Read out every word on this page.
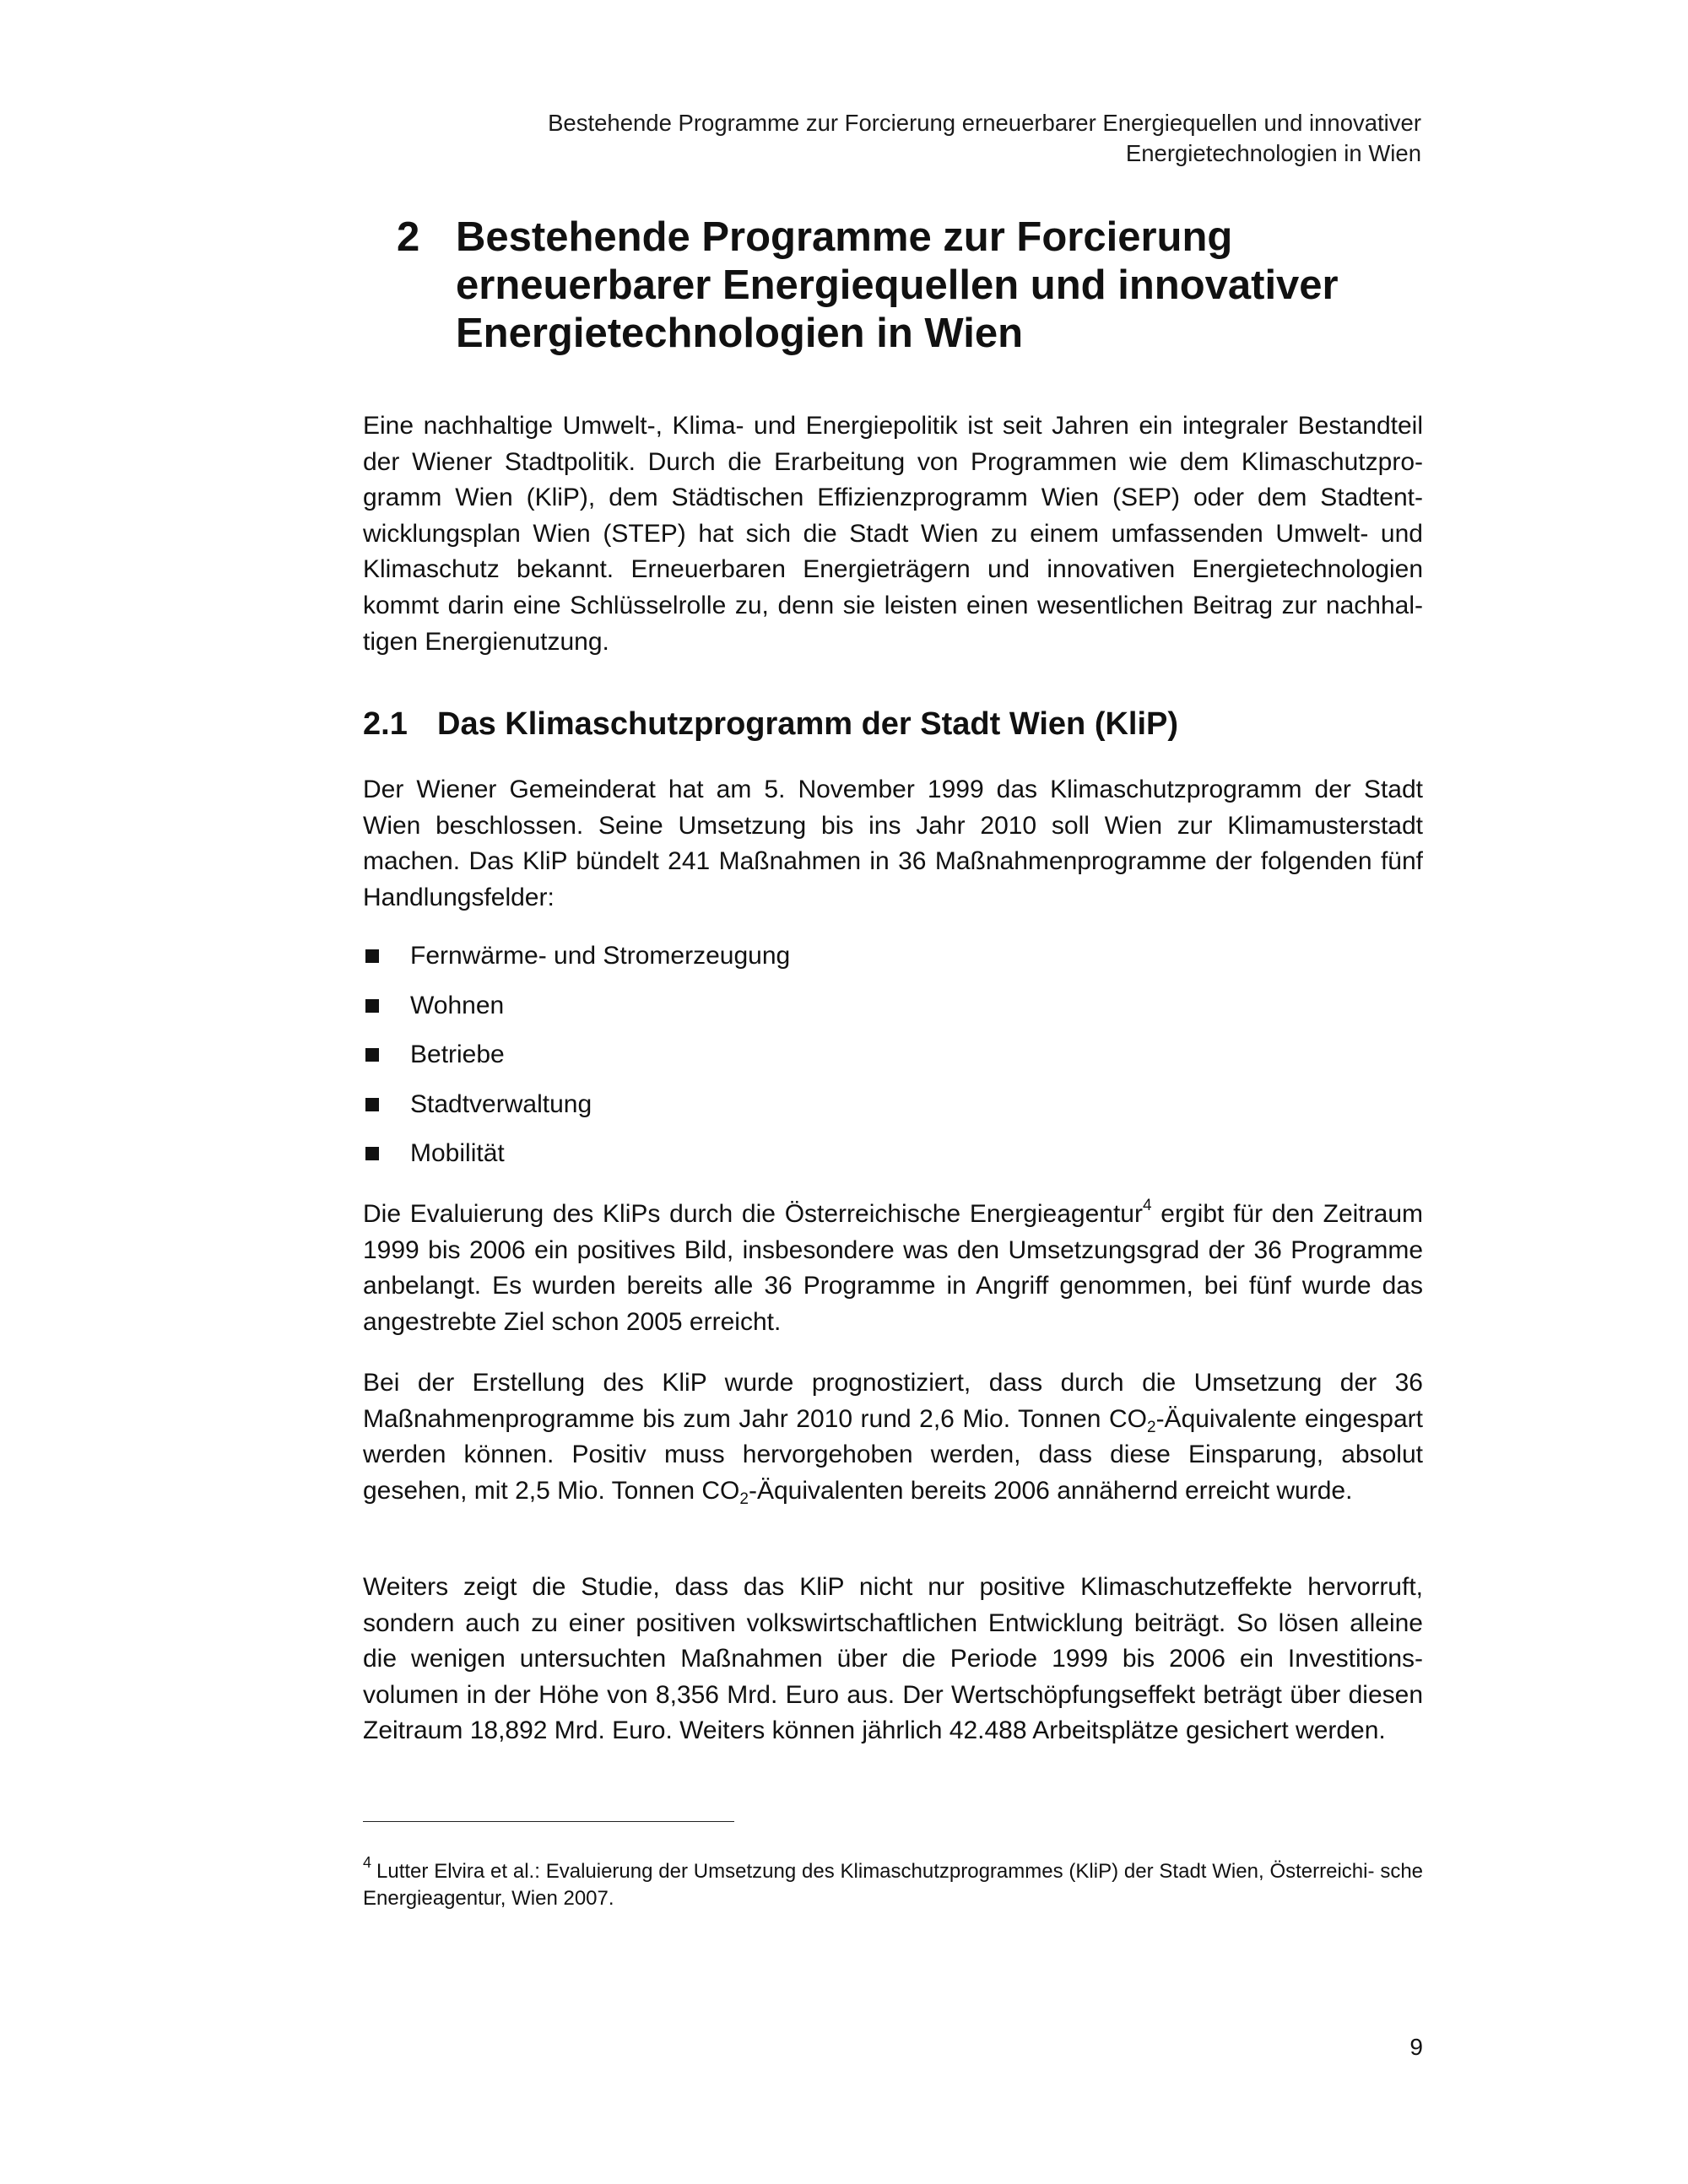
Bestehende Programme zur Forcierung erneuerbarer Energiequellen und innovativer
Energietechnologien in Wien
2 Bestehende Programme zur Forcierung
erneuerbarer Energiequellen und innovativer
Energietechnologien in Wien
Eine nachhaltige Umwelt-, Klima- und Energiepolitik ist seit Jahren ein integraler Bestandteil der Wiener Stadtpolitik. Durch die Erarbeitung von Programmen wie dem Klimaschutzpro- gramm Wien (KliP), dem Städtischen Effizienzprogramm Wien (SEP) oder dem Stadtent- wicklungsplan Wien (STEP) hat sich die Stadt Wien zu einem umfassenden Umwelt- und Klimaschutz bekannt. Erneuerbaren Energieträgern und innovativen Energietechnologien kommt darin eine Schlüsselrolle zu, denn sie leisten einen wesentlichen Beitrag zur nachhal- tigen Energienutzung.
2.1 Das Klimaschutzprogramm der Stadt Wien (KliP)
Der Wiener Gemeinderat hat am 5. November 1999 das Klimaschutzprogramm der Stadt Wien beschlossen. Seine Umsetzung bis ins Jahr 2010 soll Wien zur Klimamusterstadt machen. Das KliP bündelt 241 Maßnahmen in 36 Maßnahmenprogramme der folgenden fünf Handlungsfelder:
Fernwärme- und Stromerzeugung
Wohnen
Betriebe
Stadtverwaltung
Mobilität
Die Evaluierung des KliPs durch die Österreichische Energieagentur$^4$ ergibt für den Zeitraum 1999 bis 2006 ein positives Bild, insbesondere was den Umsetzungsgrad der 36 Programme anbelangt. Es wurden bereits alle 36 Programme in Angriff genommen, bei fünf wurde das angestrebte Ziel schon 2005 erreicht.
Bei der Erstellung des KliP wurde prognostiziert, dass durch die Umsetzung der 36 Maßnahmenprogramme bis zum Jahr 2010 rund 2,6 Mio. Tonnen $CO_2$-Äquivalente eingespart werden können. Positiv muss hervorgehoben werden, dass diese Einsparung, absolut gesehen, mit 2,5 Mio. Tonnen $CO_2$-Äquivalenten bereits 2006 annähernd erreicht wurde.
Weiters zeigt die Studie, dass das KliP nicht nur positive Klimaschutzeffekte hervorruft, sondern auch zu einer positiven volkswirtschaftlichen Entwicklung beiträgt. So lösen alleine die wenigen untersuchten Maßnahmen über die Periode 1999 bis 2006 ein Investitions- volumen in der Höhe von 8,356 Mrd. Euro aus. Der Wertschöpfungseffekt beträgt über diesen Zeitraum 18,892 Mrd. Euro. Weiters können jährlich 42.488 Arbeitsplätze gesichert werden.
$^4$ Lutter Elvira et al.: Evaluierung der Umsetzung des Klimaschutzprogrammes (KliP) der Stadt Wien, Österreichi- sche Energieagentur, Wien 2007.
9
